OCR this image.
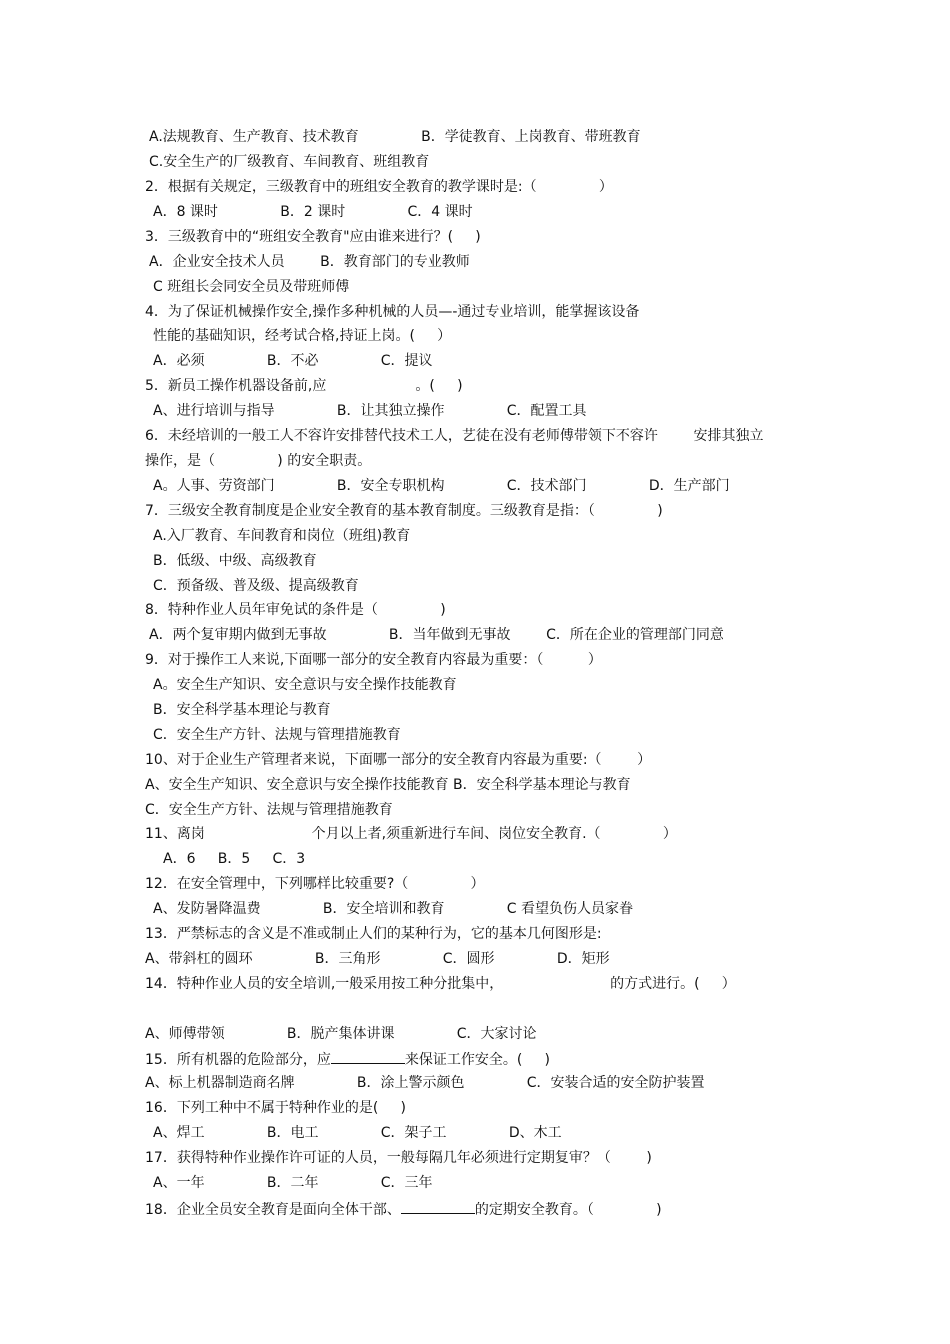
A.法规教育、生产教育、技术教育              B．学徒教育、上岗教育、带班教育
C.安全生产的厂级教育、车间教育、班组教育
2．根据有关规定，三级教育中的班组安全教育的教学课时是:（              ）
A．8 课时              B．2 课时              C．4 课时
3．三级教育中的“班组安全教育"应由谁来进行？(     )
A．企业安全技术人员        B．教育部门的专业教师
C 班组长会同安全员及带班师傅
4．为了保证机械操作安全,操作多种机械的人员—-通过专业培训，能掌握该设备
性能的基础知识，经考试合格,持证上岗。(     ）
A．必须              B．不必              C．提议
5．新员工操作机器设备前,应                    。(     )
A、进行培训与指导              B．让其独立操作              C．配置工具
6．未经培训的一般工人不容许安排替代技术工人，艺徒在没有老师傅带领下不容许        安排其独立
操作，是（              ) 的安全职责。
A。人事、劳资部门              B．安全专职机构              C．技术部门              D．生产部门
7．三级安全教育制度是企业安全教育的基本教育制度。三级教育是指：（              )
A.入厂教育、车间教育和岗位（班组)教育
B．低级、中级、高级教育
C．预备级、普及级、提高级教育
8．特种作业人员年审免试的条件是（              )
A．两个复审期内做到无事故              B．当年做到无事故        C．所在企业的管理部门同意
9．对于操作工人来说,下面哪一部分的安全教育内容最为重要：（          ）
A。安全生产知识、安全意识与安全操作技能教育
B．安全科学基本理论与教育
C．安全生产方针、法规与管理措施教育
10、对于企业生产管理者来说，下面哪一部分的安全教育内容最为重要:（        ）
A、安全生产知识、安全意识与安全操作技能教育 B．安全科学基本理论与教育
C．安全生产方针、法规与管理措施教育
11、离岗                        个月以上者,须重新进行车间、岗位安全教育.（              ）
A．6     B．5     C．3
12．在安全管理中，下列哪样比较重要?（              ）
A、发防暑降温费              B．安全培训和教育              C 看望负伤人员家眷
13．严禁标志的含义是不准或制止人们的某种行为，它的基本几何图形是:
A、带斜杠的圆环              B．三角形              C．圆形              D．矩形
14．特种作业人员的安全培训,一般采用按工种分批集中，                        的方式进行。(     ）
A、师傅带领              B．脱产集体讲课              C．大家讨论
15．所有机器的危险部分，应	来保证工作安全。(     )
A、标上机器制造商名牌              B．涂上警示颜色              C．安装合适的安全防护装置
16．下列工种中不属于特种作业的是(     )
A、焊工              B．电工              C．架子工              D、木工
17．获得特种作业操作许可证的人员，一般每隔几年必须进行定期复审？（        )
A、一年              B．二年              C．三年
18．企业全员安全教育是面向全体干部、	的定期安全教育。（              )
